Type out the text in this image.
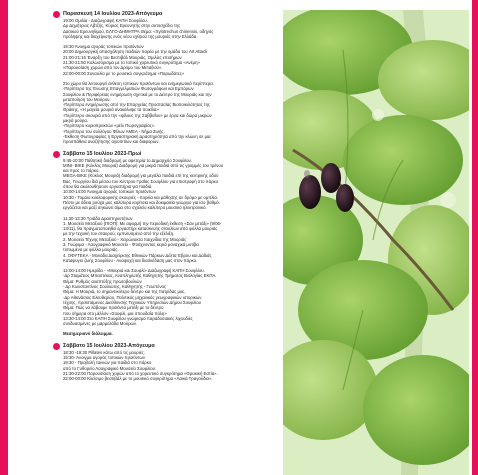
Παρασκευή 14 Ιουλίου 2023-Απόγευμα
19:00 Ομιλία - Διαζωγραφή ΚΑΠΗ Σουφλίου.
Δρ Δημήτριος Αβτζής, Κύριος Ερευνητής στην αυτοσχέδιο της
Δασικού Ερευνηθμού, ΕΛΓΟ-ΔΗΜΗΤΡΑ Θέμα: «Xylotrechus chinensis, οδηγός
πρόληψης και διαχείρισης ενός νέου εχθρού της μουριάς στην Ελλάδα.
19:30 Άνοιγμα αγοράς τοπικών προϊόντων
20:00 Δημιουργική απασχόληση παιδιών παρέα με την ομάδα του Art Attack
21:00-21:15 Έναρξη του Βεστιβάλ Μουριάς. Ομιλίες επισήμων
21:30-21:50 Καλωσόρισμα με το τοπικό χορευτικό συγκρότημα «Ανέμη»
«Παρουσίαση χορών από τον Δρόμο του Μεταξιού».
22:00-00:00 Συναυλία με το μουσικό συγκρότημα «Παρωδάτες»
Στο χώρο θα λειτουργεί έκθεση τοπικών προϊόντων και ενημερωτικά περίπτερα.
-Περίπτερο της Ένωσης Επαγγελματιών Φωτογράφων και Εμπόρων
Σουφλίου & Περιφέρειας ενημέρωση σχετικά με το Δέντρο της Μουριάς και την
μεταποίηση του Μούρου.
-Περίπτερο ενημέρωσης από την Επαρχείας Προστασίας Βιοποικιλότητας της
Θράκης, «Η μαγεία μουριά ανακάλυψε τα ποικίλα»
-Περίπτερο σκουριά από την «φίλους της Σαββαΐου» με έργα και δώρα μικρών
μικρά μούρα.
-Περίπτερο κυριοπρακτών «μέλι Πωρογραφίας».
-Περίπτερο του συλλόγου Φίλων ΑΜΕΑ - Νήμα Ζωής.
-Έκθεση Φωτογραφίας η Εργαστηριακή Δραστηριότητα από την κλώνη σε μια
προσπάθεια αναζήτησης αγιοπιτίων και διαφορών.
Σάββατο 15 Ιουλίου 2023-Πρωί
9:45-10:00 Παθητική διαδρομή με αφετηρία το Δημαρχείο Σουφλίου.
ΜΙΝΙ- BIKE (Κύκλος Μουριά) Διαδρομή για μικρά παιδιά από τις γραμμές του τρένου
και προς το πάρκο.
MEGA-BIKE (Κύκλος Μουριά) διαδρομή για μεγάλα παιδιά επί της κεντρικής οδού
Βας. Γεωργίου διά μέσου του Κέντρου Γραΐας Σουφλίου για επιστροφή στο πάρκο
όπου θα ακολουθήσουν εργαστήρια για παιδιά.
10:00-14:00 Άνοιγμα αγοράς τοπικών προϊόντων
10:30 - Τομαιο κυκλοφορικής σκουριές - πορεία και μάθησης σε δρόμο με ομπλία.
Πέστε με άδεια ρούχα μας καλύτερα κορίτσια και δοκιμασία γεώργιο για ίσο βαθμό.
εργάζεται και μαζί σηκώνει αίμα στο σχολείο καλύτερο μουσικό ηλεκτρονικό.
11:30-13:30 Τριάδα Δραστηριοτήτων
1. Μουσείο Μεταξιού (ΠΙΟΠ): Με αφορμή την περιοδική έκθεση «Σαν μετάξι» (9/06-
13/11), θα πραγματοποιηθεί εργαστήρι κατασκευής σταυλίων από φύλλα μουριάς
με την τεχνική του σταυρού, εμπνευσμένο από την εξέλιξη.
2. Μουσείο Τέχνης Μεταξιού - Χειρώνακτα παιχνίδια της Μουριάς
3. Γνώριμα - Λαογραφικό Μουσείο - Φτιάχνοντας κεριά μοναχικά μοτίβα
τυπωμένα με φύλλα μουριάς.
4. ΟΦΥΤΕΚΑ - Μονάδα Διαχείρισης Εθνικών Πάρκων Δέλτα Έβρου και Δαδιάς
Καταφυγιο ζωής Σουφλίου - Αναψυχή και διασκέδαση μας στον πάρκο.
12:00-14:00 Ημερίδα - «Μουριά και Σουφλί» Διαζωγραφή ΚΑΠΗ Σουφλίου.
-Δρ Σταμάτιος Μπαστέκας, Αναπληρωτής Καθηγητής Τμήματος Βιολογίας ΕΚΠΑ.
Θέμα: Ρυθμός αναπτύξης πρωτοβουλιών
- Δρ Κωνσταντίνος Σουλιώτης, Καθηγητής - Γεωπόνος
Θέμα: Η Μουριά, το σημαντικότερο δέντρο και της πατρίδας μας.
-Δρ Αθανάσιος Ελευθερίου, Πολιτικός μηχανικός γεωγραφικών ιστορικών
τέχνης, προϊστάμενος Διεύθυνσης Τεχνικών Υπηρεσιών Δήμου Σουφλίου
Θέμα: Πώς να λάβουμε προϊόντα μετάξι με το δέντρο
που σήμερα στο μέλλον «Σουφλί, μια σπουδαία πόλη»
13:30-14:00 Στο ΚΑΠΗ Σουφλίου γνώρισμα παραδοσιακές λιχουδιές
συνδυασμένες με μαρμελάδα Μούρων.
Μεσημεριανό διάλειμμα.
Σάββατο 15 Ιουλίου 2023-Απόγευμα
18:30 -19:30 Pillates κάτω από τις μουριές.
19:30- Άνοιγμα αγοράς τοπικών προϊόντων
19:30 - Προβολή ταινιών για παιδιά στο πάρκο
από το Γυθορείο Λαογραφικό Μουσείο Σουφλίου.
21:30-22:00 Παρουσίαση χορών από το χορευτικό συγκρότημα «Θρακική Εστία».
22:00-00:00 Κλείσιμο βεστιβάλ με το μουσικό συγκρότημα «Λαικά Τραγούδια».
